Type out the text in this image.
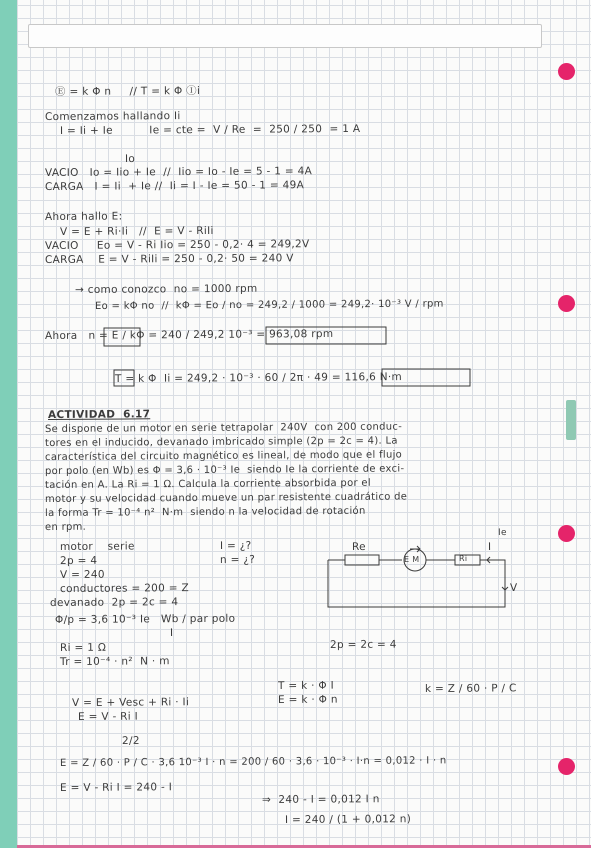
Ⓔ = k Φ n     // T = k Φ Ⓘi
Comenzamos hallando Ii
I = Ii + Ie          Ie = cte =  V / Re  =  250 / 250  = 1 A
Io
VACIO   Io = Iio + Ie  //  Iio = Io - Ie = 5 - 1 = 4A
CARGA   I = Ii  + Ie //  Ii = I - Ie = 50 - 1 = 49A
Ahora hallo E:
V = E + Ri·Ii   //  E = V - RiIi
VACIO     Eo = V - Ri Iio = 250 - 0,2· 4 = 249,2V
CARGA    E = V - RiIi = 250 - 0,2· 50 = 240 V
→ como conozco  no = 1000 rpm
Eo = kΦ no  //  kΦ = Eo / no = 249,2 / 1000 = 249,2· 10⁻³ V / rpm
Ahora   n = E / kΦ = 240 / 249,2 10⁻³ = 963,08 rpm
T = k Φ  Ii = 249,2 · 10⁻³ · 60 / 2π · 49 = 116,6 N·m
ACTIVIDAD  6.17
Se dispone de un motor en serie tetrapolar  240V  con 200 conduc-
tores en el inducido, devanado imbricado simple (2p = 2c = 4). La
característica del circuito magnético es lineal, de modo que el flujo
por polo (en Wb) es Φ = 3,6 · 10⁻³ Ie  siendo Ie la corriente de exci-
tación en A. La Ri = 1 Ω. Calcula la corriente absorbida por el
motor y su velocidad cuando mueve un par resistente cuadrático de
la forma Tr = 10⁻⁴ n²  N·m  siendo n la velocidad de rotación
en rpm.
motor    serie	I = ¿?
2p = 4	n = ¿?
V = 240
conductores = 200 = Z
devanado  2p = 2c = 4
Φ/p = 3,6 10⁻³ Ie   Wb / par polo
I
Ri = 1 Ω
Tr = 10⁻⁴ · n²  N · m
2p = 2c = 4
V = E + Vesc + Ri · Ii
E = V - Ri I
T = k · Φ I
E = k · Φ n
k = Z / 60 · P / C
2/2
E = Z / 60 · P / C · 3,6 10⁻³ I · n = 200 / 60 · 3,6 · 10⁻³ · I·n = 0,012 · I · n
E = V - Ri I = 240 - I
⇒  240 - I = 0,012 I n
I = 240 / (1 + 0,012 n)
Re
Ri
E M
I
Ie
V
